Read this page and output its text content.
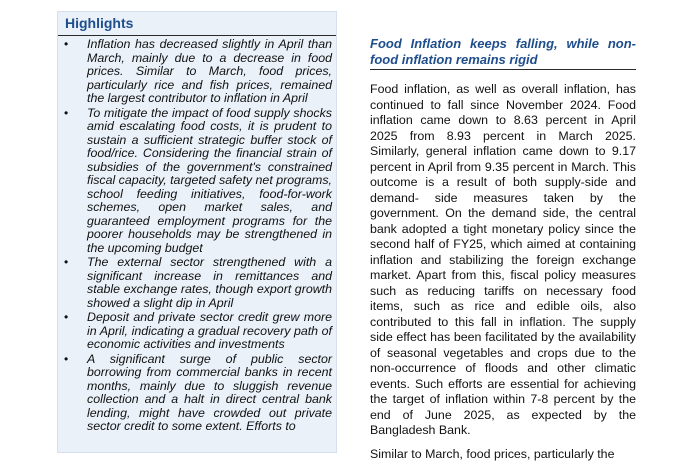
Highlights
• Inflation has decreased slightly in April than March, mainly due to a decrease in food prices. Similar to March, food prices, particularly rice and fish prices, remained the largest contributor to inflation in April
• To mitigate the impact of food supply shocks amid escalating food costs, it is prudent to sustain a sufficient strategic buffer stock of food/rice. Considering the financial strain of subsidies of the government's constrained fiscal capacity, targeted safety net programs, school feeding initiatives, food-for-work schemes, open market sales, and guaranteed employment programs for the poorer households may be strengthened in the upcoming budget
• The external sector strengthened with a significant increase in remittances and stable exchange rates, though export growth showed a slight dip in April
• Deposit and private sector credit grew more in April, indicating a gradual recovery path of economic activities and investments
• A significant surge of public sector borrowing from commercial banks in recent months, mainly due to sluggish revenue collection and a halt in direct central bank lending, might have crowded out private sector credit to some extent. Efforts to
Food Inflation keeps falling, while non-food inflation remains rigid

Food inflation, as well as overall inflation, has continued to fall since November 2024. Food inflation came down to 8.63 percent in April 2025 from 8.93 percent in March 2025. Similarly, general inflation came down to 9.17 percent in April from 9.35 percent in March. This outcome is a result of both supply-side and demand- side measures taken by the government. On the demand side, the central bank adopted a tight monetary policy since the second half of FY25, which aimed at containing inflation and stabilizing the foreign exchange market. Apart from this, fiscal policy measures such as reducing tariffs on necessary food items, such as rice and edible oils, also contributed to this fall in inflation. The supply side effect has been facilitated by the availability of seasonal vegetables and crops due to the non-occurrence of floods and other climatic events. Such efforts are essential for achieving the target of inflation within 7-8 percent by the end of June 2025, as expected by the Bangladesh Bank.

Similar to March, food prices, particularly the
